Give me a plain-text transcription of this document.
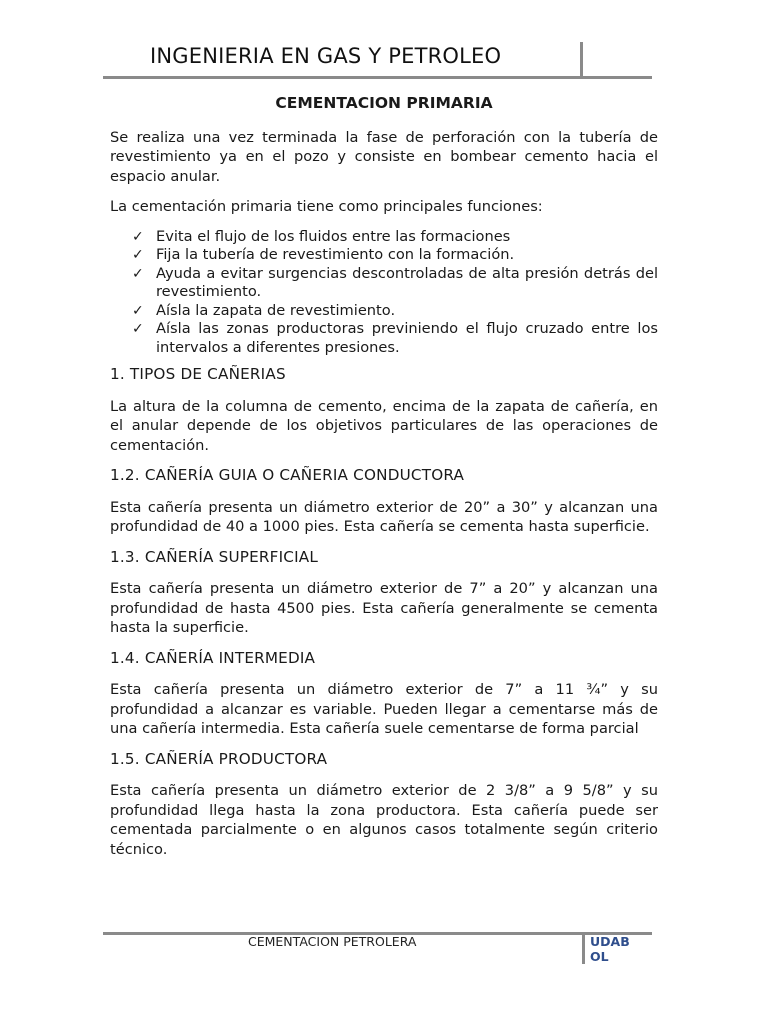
INGENIERIA EN GAS Y PETROLEO
CEMENTACION PRIMARIA

Se realiza una vez terminada la fase de perforación con la tubería de revestimiento ya en el pozo y consiste en bombear cemento hacia el espacio anular.

La cementación primaria tiene como principales funciones:

✓ Evita el flujo de los fluidos entre las formaciones
✓ Fija la tubería de revestimiento con la formación.
✓ Ayuda a evitar surgencias descontroladas de alta presión detrás del revestimiento.
✓ Aísla la zapata de revestimiento.
✓ Aísla las zonas productoras previniendo el flujo cruzado entre los intervalos a diferentes presiones.
1. TIPOS DE CAÑERIAS

La altura de la columna de cemento, encima de la zapata de cañería, en el anular depende de los objetivos particulares de las operaciones de cementación.

1.2. CAÑERÍA GUIA O CAÑERIA CONDUCTORA

Esta cañería presenta un diámetro exterior de 20” a 30” y alcanzan una profundidad de 40 a 1000 pies. Esta cañería se cementa hasta superficie.

1.3. CAÑERÍA SUPERFICIAL

Esta cañería presenta un diámetro exterior de 7” a 20” y alcanzan una profundidad de hasta 4500 pies. Esta cañería generalmente se cementa hasta la superficie.

1.4. CAÑERÍA INTERMEDIA

Esta cañería presenta un diámetro exterior de 7” a 11 ¾” y su profundidad a alcanzar es variable. Pueden llegar a cementarse más de una cañería intermedia. Esta cañería suele cementarse de forma parcial

1.5. CAÑERÍA PRODUCTORA

Esta cañería presenta un diámetro exterior de 2 3/8” a 9 5/8” y su profundidad llega hasta la zona productora. Esta cañería puede ser cementada parcialmente o en algunos casos totalmente según criterio técnico.

CEMENTACION PETROLERA	UDABOL
